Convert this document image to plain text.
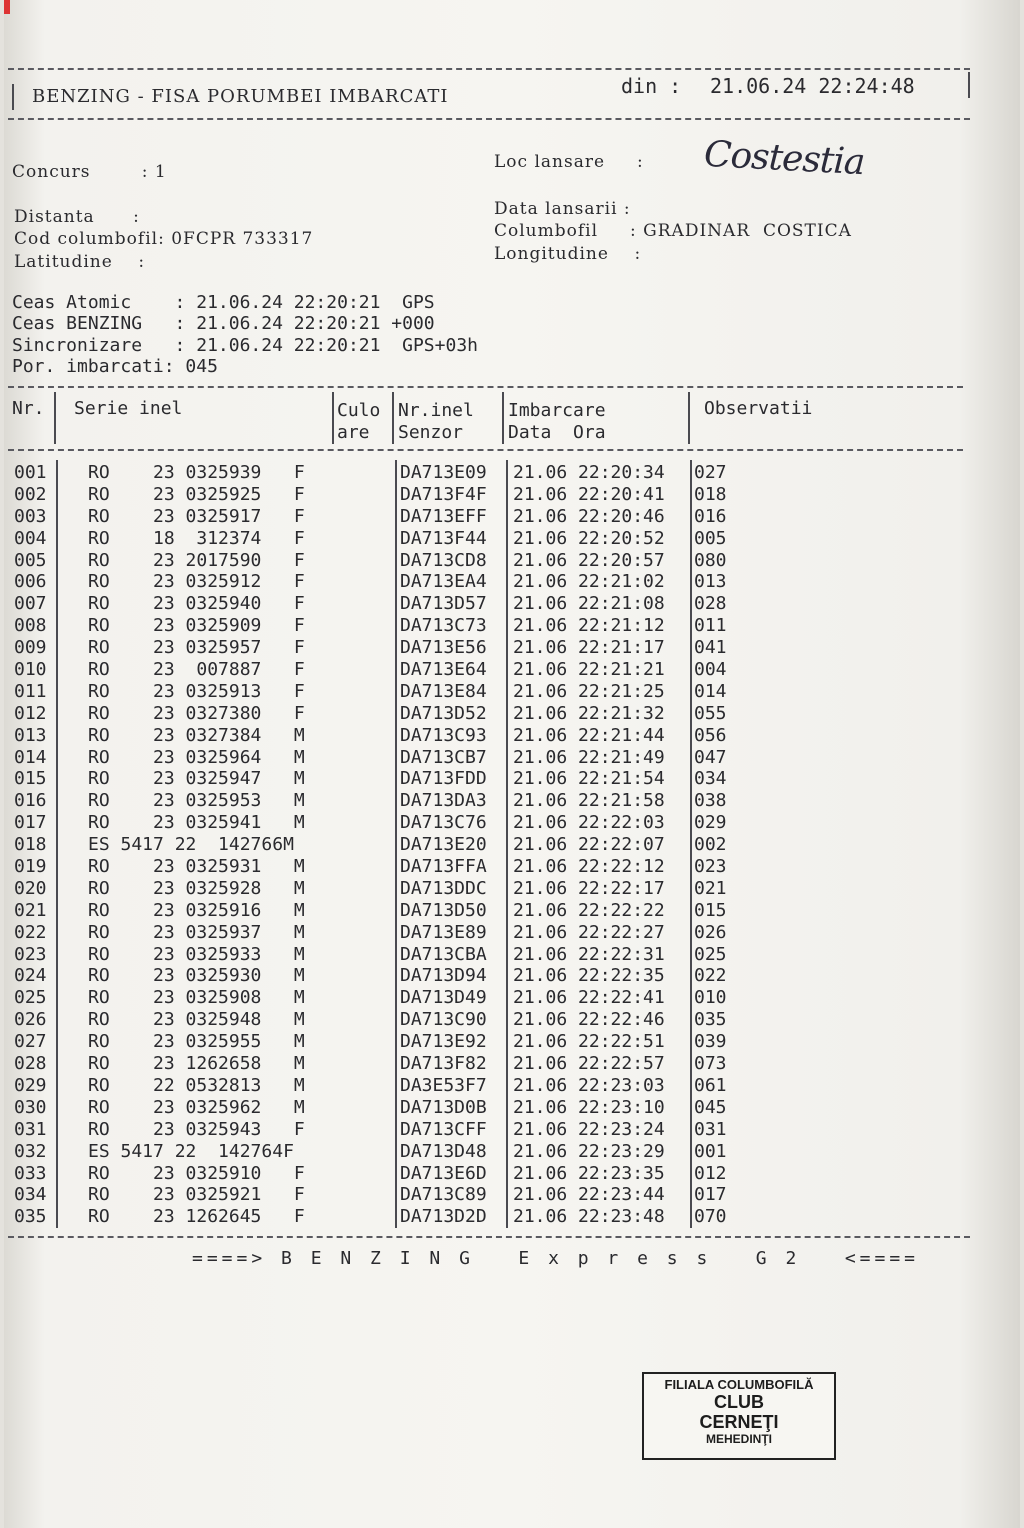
BENZING - FISA PORUMBEI IMBARCATI	din : 21.06.24 22:24:48
Concurs        : 1
Distanta      :
Cod columbofil: 0FCPR 733317
Latitudine    :
Loc lansare     : Costestia
Data lansarii :
Columbofil     : GRADINAR  COSTICA
Longitudine    :
Ceas Atomic    : 21.06.24 22:20:21  GPS
Ceas BENZING   : 21.06.24 22:20:21 +000
Sincronizare   : 21.06.24 22:20:21  GPS+03h
Por. imbarcati: 045
Nr. Serie inel	Culo
are
Nr.inel
Senzor
Imbarcare
Data  Ora
Observatii
001
002
003
004
005
006
007
008
009
010
011
012
013
014
015
016
017
018
019
020
021
022
023
024
025
026
027
028
029
030
031
032
033
034
035
RO    23 0325939   F
RO    23 0325925   F
RO    23 0325917   F
RO    18  312374   F
RO    23 2017590   F
RO    23 0325912   F
RO    23 0325940   F
RO    23 0325909   F
RO    23 0325957   F
RO    23  007887   F
RO    23 0325913   F
RO    23 0327380   F
RO    23 0327384   M
RO    23 0325964   M
RO    23 0325947   M
RO    23 0325953   M
RO    23 0325941   M
ES 5417 22  142766M
RO    23 0325931   M
RO    23 0325928   M
RO    23 0325916   M
RO    23 0325937   M
RO    23 0325933   M
RO    23 0325930   M
RO    23 0325908   M
RO    23 0325948   M
RO    23 0325955   M
RO    23 1262658   M
RO    22 0532813   M
RO    23 0325962   M
RO    23 0325943   F
ES 5417 22  142764F
RO    23 0325910   F
RO    23 0325921   F
RO    23 1262645   F
DA713E09
DA713F4F
DA713EFF
DA713F44
DA713CD8
DA713EA4
DA713D57
DA713C73
DA713E56
DA713E64
DA713E84
DA713D52
DA713C93
DA713CB7
DA713FDD
DA713DA3
DA713C76
DA713E20
DA713FFA
DA713DDC
DA713D50
DA713E89
DA713CBA
DA713D94
DA713D49
DA713C90
DA713E92
DA713F82
DA3E53F7
DA713D0B
DA713CFF
DA713D48
DA713E6D
DA713C89
DA713D2D
21.06 22:20:34
21.06 22:20:41
21.06 22:20:46
21.06 22:20:52
21.06 22:20:57
21.06 22:21:02
21.06 22:21:08
21.06 22:21:12
21.06 22:21:17
21.06 22:21:21
21.06 22:21:25
21.06 22:21:32
21.06 22:21:44
21.06 22:21:49
21.06 22:21:54
21.06 22:21:58
21.06 22:22:03
21.06 22:22:07
21.06 22:22:12
21.06 22:22:17
21.06 22:22:22
21.06 22:22:27
21.06 22:22:31
21.06 22:22:35
21.06 22:22:41
21.06 22:22:46
21.06 22:22:51
21.06 22:22:57
21.06 22:23:03
21.06 22:23:10
21.06 22:23:24
21.06 22:23:29
21.06 22:23:35
21.06 22:23:44
21.06 22:23:48
027
018
016
005
080
013
028
011
041
004
014
055
056
047
034
038
029
002
023
021
015
026
025
022
010
035
039
073
061
045
031
001
012
017
070
====> B E N Z I N G   E x p r e s s   G 2   <====
FILIALA COLUMBOFILĂ
CLUB
CERNEŢI
MEHEDINŢI
